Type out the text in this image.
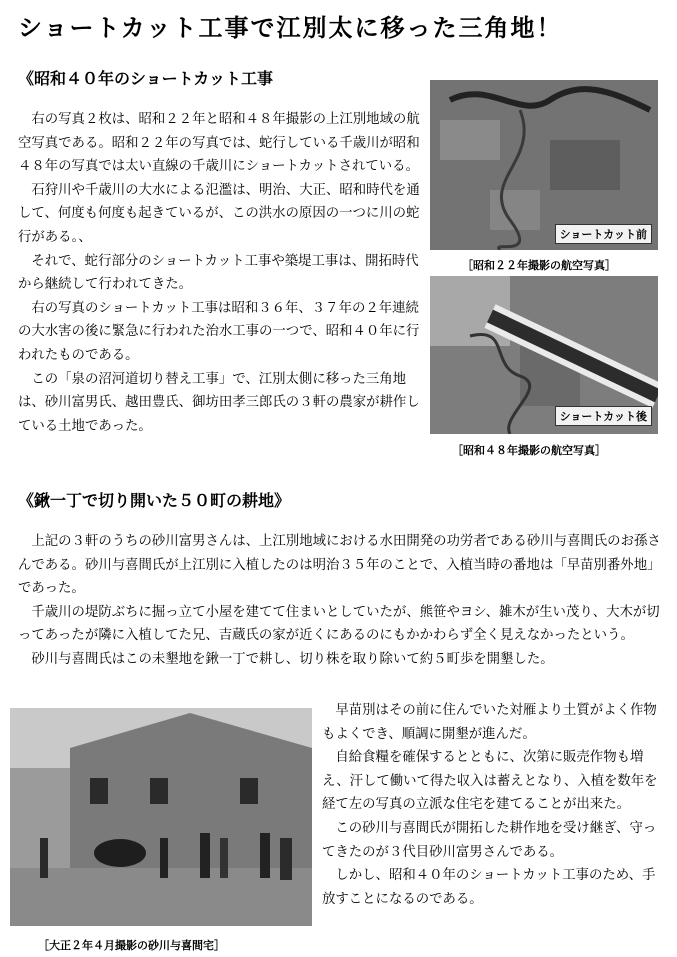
ショートカット工事で江別太に移った三角地！
《昭和４０年のショートカット工事

右の写真２枚は、昭和２２年と昭和４８年撮影の上江別地域の航空写真である。昭和２２年の写真では、蛇行している千歳川が昭和４８年の写真では太い直線の千歳川にショートカットされている。

石狩川や千歳川の大水による氾濫は、明治、大正、昭和時代を通して、何度も何度も起きているが、この洪水の原因の一つに川の蛇行がある。、

それで、蛇行部分のショートカット工事や築堤工事は、開拓時代から継続して行われてきた。

右の写真のショートカット工事は昭和３６年、３７年の２年連続の大水害の後に緊急に行われた治水工事の一つで、昭和４０年に行われたものである。

この「泉の沼河道切り替え工事」で、江別太側に移った三角地は、砂川富男氏、越田豊氏、御坊田孝三郎氏の３軒の農家が耕作している土地であった。

ショートカット前
［昭和２２年撮影の航空写真］
ショートカット後
［昭和４８年撮影の航空写真］
《鍬一丁で切り開いた５０町の耕地》

上記の３軒のうちの砂川富男さんは、上江別地域における水田開発の功労者である砂川与喜間氏のお孫さんである。砂川与喜間氏が上江別に入植したのは明治３５年のことで、入植当時の番地は「早苗別番外地」であった。

千歳川の堤防ぶちに掘っ立て小屋を建てて住まいとしていたが、熊笹やヨシ、雑木が生い茂り、大木が切ってあったが隣に入植してた兄、吉蔵氏の家が近くにあるのにもかかわらず全く見えなかったという。

砂川与喜間氏はこの未墾地を鍬一丁で耕し、切り株を取り除いて約５町歩を開墾した。

［大正２年４月撮影の砂川与喜間宅］

早苗別はその前に住んでいた対雁より土質がよく作物もよくでき、順調に開墾が進んだ。

自給食糧を確保するとともに、次第に販売作物も増え、汗して働いて得た収入は蓄えとなり、入植を数年を経て左の写真の立派な住宅を建てることが出来た。

この砂川与喜間氏が開拓した耕作地を受け継ぎ、守ってきたのが３代目砂川富男さんである。

しかし、昭和４０年のショートカット工事のため、手放すことになるのである。
